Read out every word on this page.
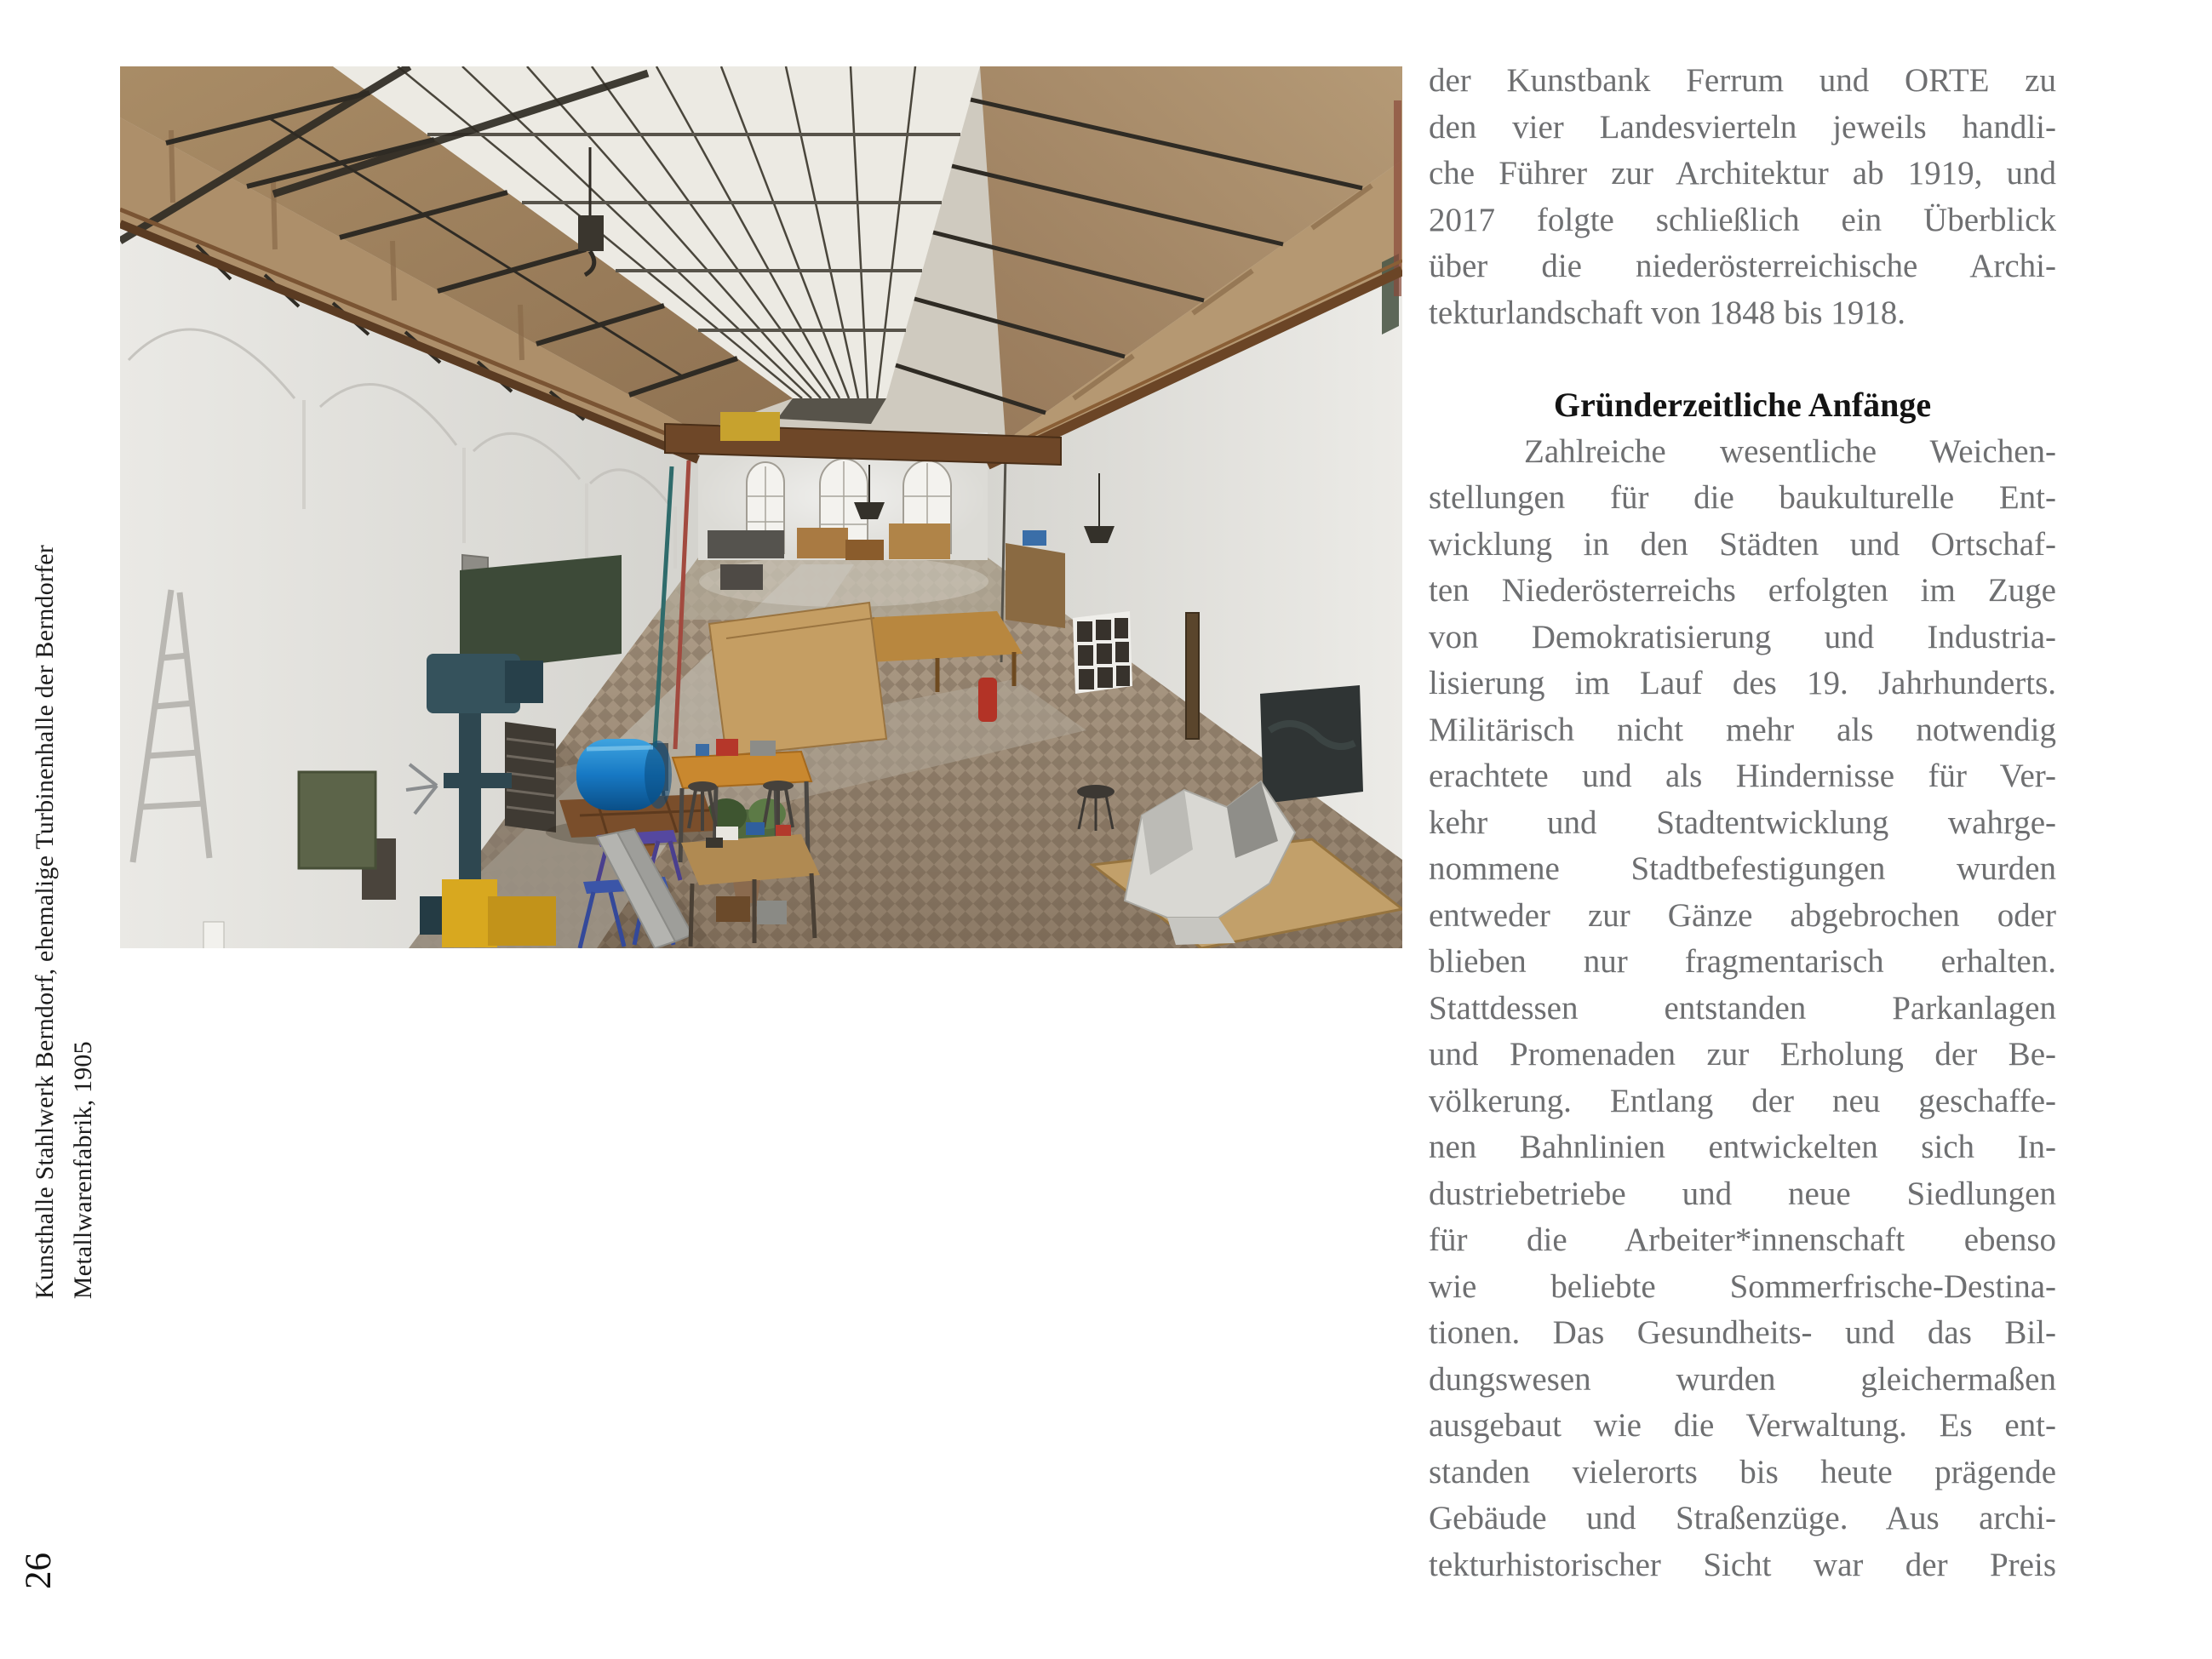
Kunsthalle Stahlwerk Berndorf, ehemalige Turbinenhalle der Berndorfer Metallwarenfabrik, 1905
26
der Kunstbank Ferrum und ORTE zu
den vier Landesvierteln jeweils handli-
che Führer zur Architektur ab 1919, und
2017 folgte schließlich ein Überblick
über die niederösterreichische Archi-
tekturlandschaft von 1848 bis 1918.
Gründerzeitliche Anfänge
Zahlreiche wesentliche Weichen-
stellungen für die baukulturelle Ent-
wicklung in den Städten und Ortschaf-
ten Niederösterreichs erfolgten im Zuge
von Demokratisierung und Industria-
lisierung im Lauf des 19. Jahrhunderts.
Militärisch nicht mehr als notwendig
erachtete und als Hindernisse für Ver-
kehr und Stadtentwicklung wahrge-
nommene Stadtbefestigungen wurden
entweder zur Gänze abgebrochen oder
blieben nur fragmentarisch erhalten.
Stattdessen entstanden Parkanlagen
und Promenaden zur Erholung der Be-
völkerung. Entlang der neu geschaffe-
nen Bahnlinien entwickelten sich In-
dustriebetriebe und neue Siedlungen
für die Arbeiter*innenschaft ebenso
wie beliebte Sommerfrische-Destina-
tionen. Das Gesundheits- und das Bil-
dungswesen wurden gleichermaßen
ausgebaut wie die Verwaltung. Es ent-
standen vielerorts bis heute prägende
Gebäude und Straßenzüge. Aus archi-
tekturhistorischer Sicht war der Preis
